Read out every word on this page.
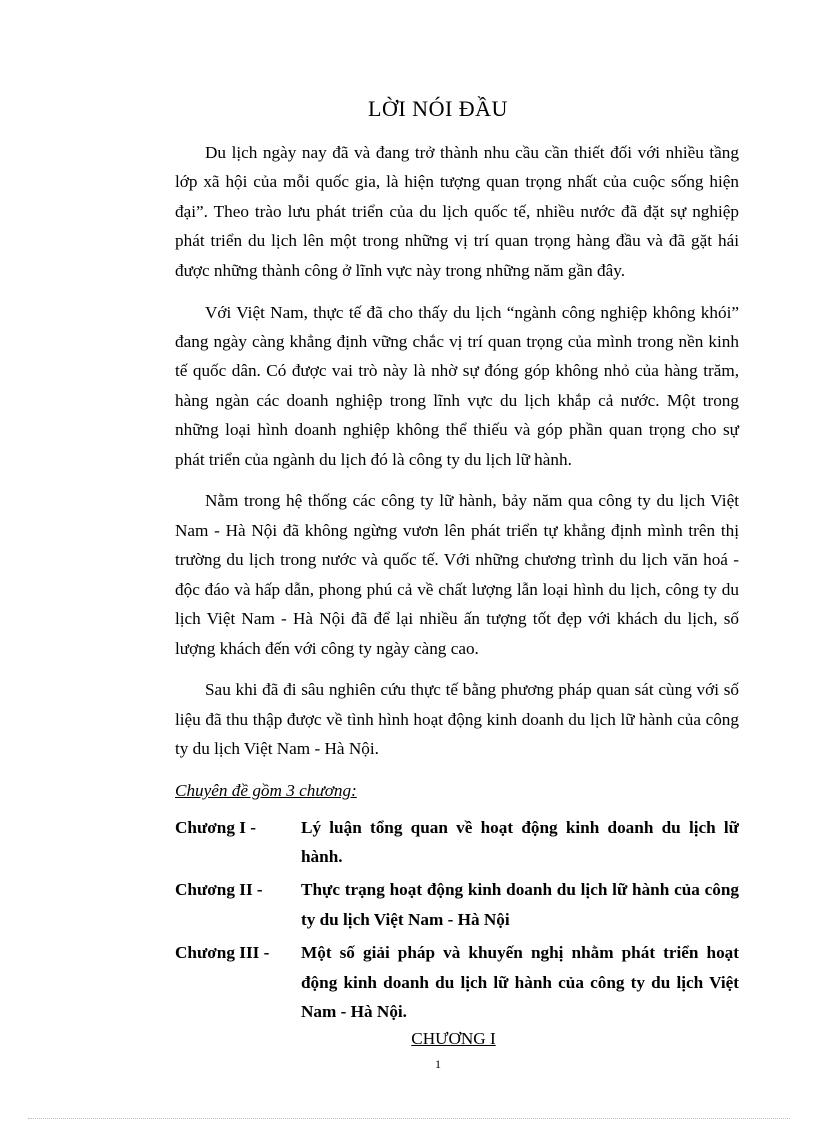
LỜI NÓI ĐẦU

Du lịch ngày nay đã và đang trở thành nhu cầu cần thiết đối với nhiều tầng lớp xã hội của mỗi quốc gia, là hiện tượng quan trọng nhất của cuộc sống hiện đại”. Theo trào lưu phát triển của du lịch quốc tế, nhiều nước đã đặt sự nghiệp phát triển du lịch lên một trong những vị trí quan trọng hàng đầu và đã gặt hái được những thành công ở lĩnh vực này trong những năm gần đây.

Với Việt Nam, thực tế đã cho thấy du lịch “ngành công nghiệp không khói” đang ngày càng khẳng định vững chắc vị trí quan trọng của mình trong nền kinh tế quốc dân. Có được vai trò này là nhờ sự đóng góp không nhỏ của hàng trăm, hàng ngàn các doanh nghiệp trong lĩnh vực du lịch khắp cả nước. Một trong những loại hình doanh nghiệp không thể thiếu và góp phần quan trọng cho sự phát triển của ngành du lịch đó là công ty du lịch lữ hành.

Nằm trong hệ thống các công ty lữ hành, bảy năm qua công ty du lịch Việt Nam - Hà Nội đã không ngừng vươn lên phát triển tự khẳng định mình trên thị trường du lịch trong nước và quốc tế. Với những chương trình du lịch văn hoá - độc đáo và hấp dẫn, phong phú cả về chất lượng lẫn loại hình du lịch, công ty du lịch Việt Nam - Hà Nội đã để lại nhiều ấn tượng tốt đẹp với khách du lịch, số lượng khách đến với công ty ngày càng cao.

Sau khi đã đi sâu nghiên cứu thực tế bằng phương pháp quan sát cùng với số liệu đã thu thập được về tình hình hoạt động kinh doanh du lịch lữ hành của công ty du lịch Việt Nam - Hà Nội.

Chuyên đề gồm 3 chương:
Chương I -	Lý luận tổng quan về hoạt động kinh doanh du lịch lữ hành.
Chương II -	Thực trạng hoạt động kinh doanh du lịch lữ hành của công ty du lịch Việt Nam - Hà Nội
Chương III -	Một số giải pháp và khuyến nghị nhằm phát triển hoạt động kinh doanh du lịch lữ hành của công ty du lịch Việt Nam - Hà Nội.
CHƯƠNG I
1
